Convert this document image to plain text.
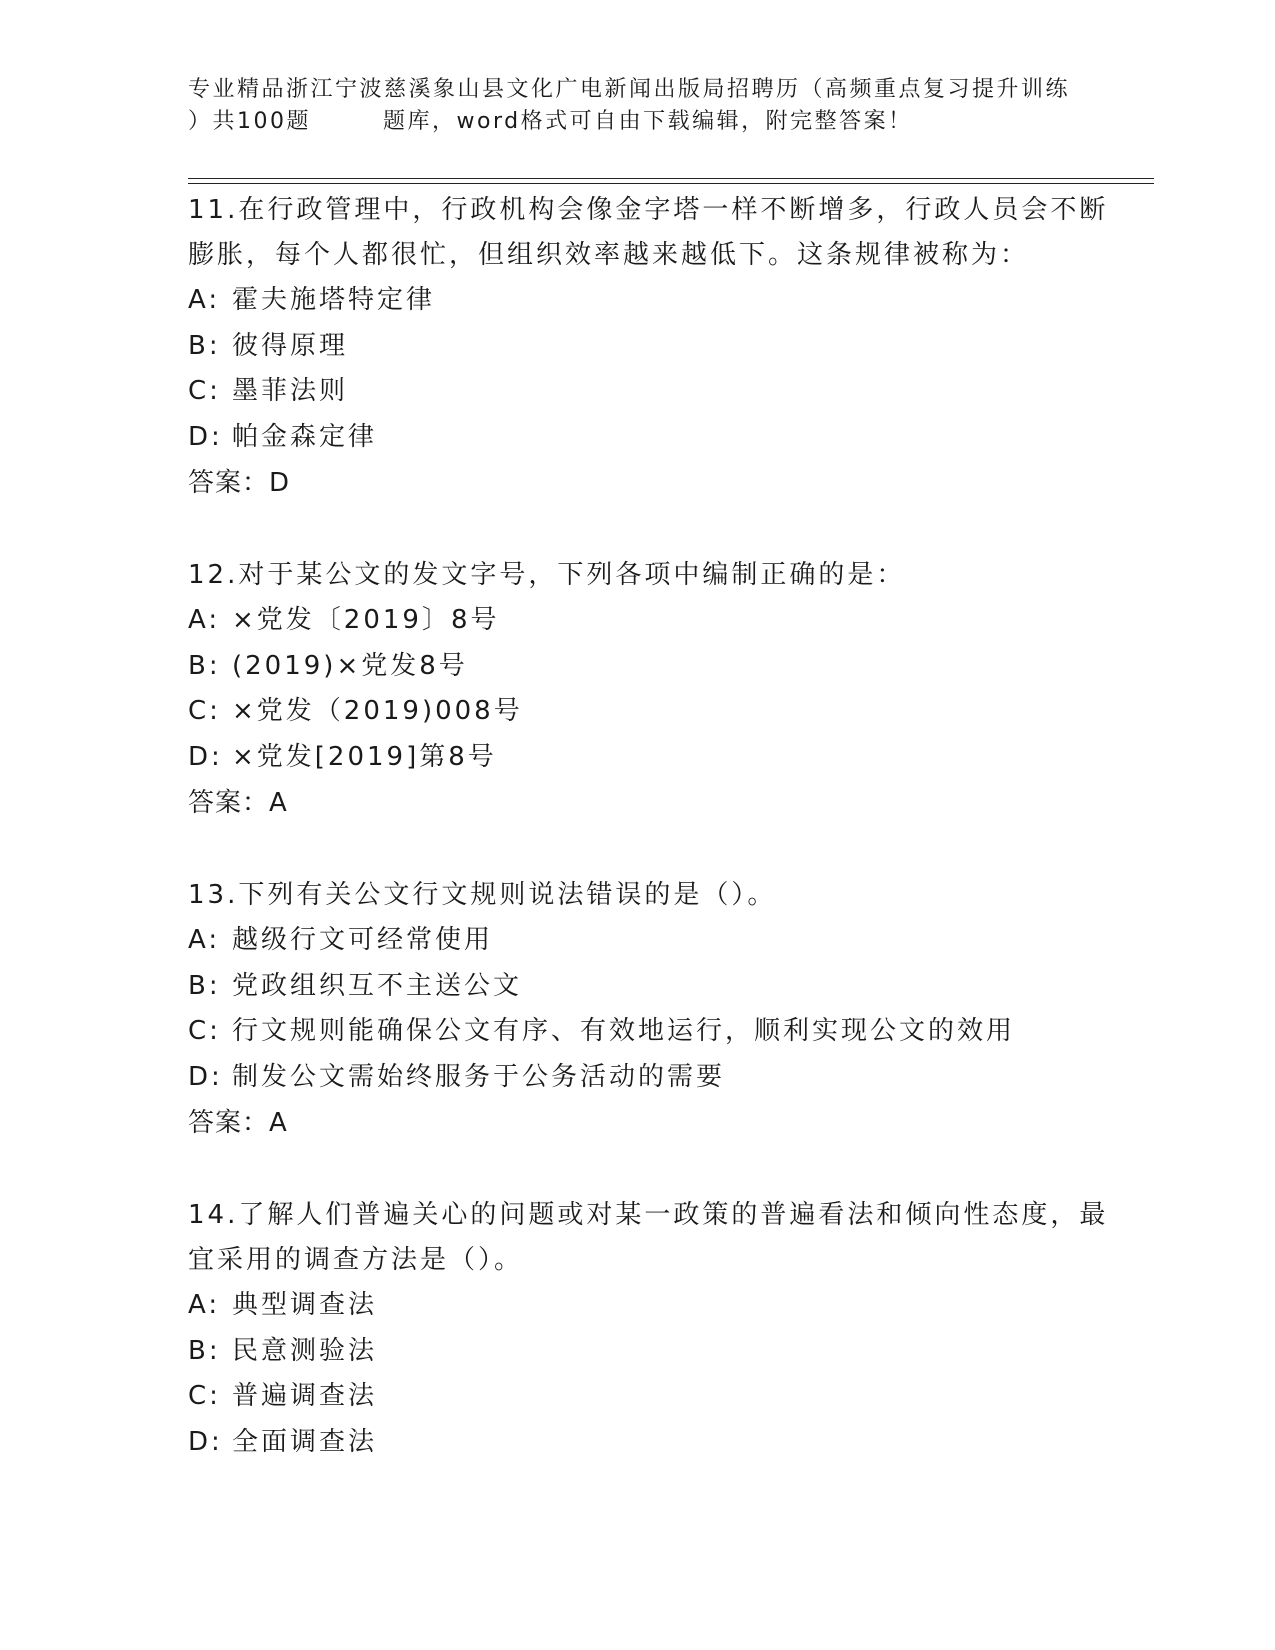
专业精品浙江宁波慈溪象山县文化广电新闻出版局招聘历（高频重点复习提升训练
）共100题	题库，word格式可自由下载编辑，附完整答案！
11.在行政管理中，行政机构会像金字塔一样不断增多，行政人员会不断膨胀，每个人都很忙，但组织效率越来越低下。这条规律被称为：
A: 霍夫施塔特定律
B: 彼得原理
C: 墨菲法则
D: 帕金森定律
答案：D
12.对于某公文的发文字号，下列各项中编制正确的是：
A: ×党发〔2019〕8号
B: (2019)×党发8号
C: ×党发（2019)008号
D: ×党发[2019]第8号
答案：A
13.下列有关公文行文规则说法错误的是（）。
A: 越级行文可经常使用
B: 党政组织互不主送公文
C: 行文规则能确保公文有序、有效地运行，顺利实现公文的效用
D: 制发公文需始终服务于公务活动的需要
答案：A
14.了解人们普遍关心的问题或对某一政策的普遍看法和倾向性态度，最宜采用的调查方法是（）。
A: 典型调查法
B: 民意测验法
C: 普遍调查法
D: 全面调查法
